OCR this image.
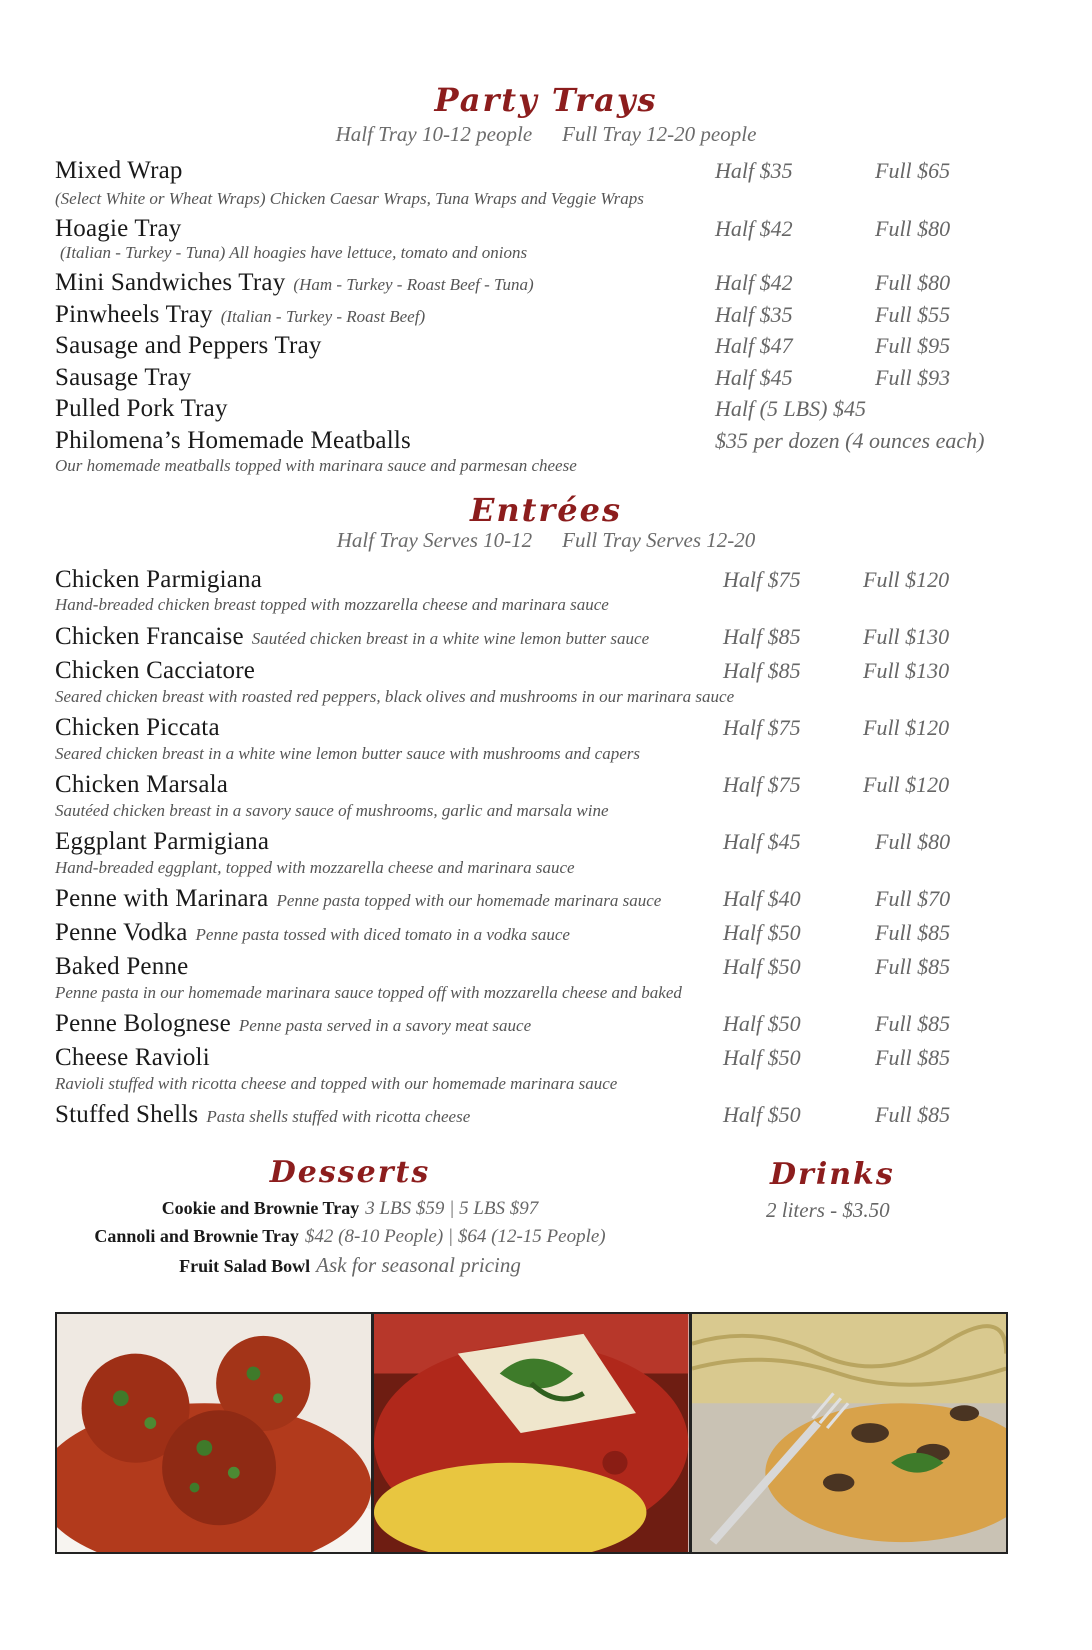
Party Trays

Half Tray 10-12 people Full Tray 12-20 people

Mixed Wrap
(Select White or Wheat Wraps) Chicken Caesar Wraps, Tuna Wraps and Veggie Wraps
Half $35	Full $65
Hoagie Tray
(Italian - Turkey - Tuna) All hoagies have lettuce, tomato and onions
Half $42	Full $80
Mini Sandwiches Tray (Ham - Turkey - Roast Beef - Tuna)	Half $42	Full $80
Pinwheels Tray (Italian - Turkey - Roast Beef)	Half $35	Full $55
Sausage and Peppers Tray	Half $47	Full $95
Sausage Tray	Half $45	Full $93
Pulled Pork Tray	Half (5 LBS) $45
Philomena’s Homemade Meatballs
Our homemade meatballs topped with marinara sauce and parmesan cheese
$35 per dozen (4 ounces each)
Entrées

Half Tray Serves 10-12 Full Tray Serves 12-20

Chicken Parmigiana
Hand-breaded chicken breast topped with mozzarella cheese and marinara sauce
Half $75	Full $120
Chicken Francaise Sautéed chicken breast in a white wine lemon butter sauce	Half $85	Full $130
Chicken Cacciatore
Seared chicken breast with roasted red peppers, black olives and mushrooms in our marinara sauce
Half $85	Full $130
Chicken Piccata
Seared chicken breast in a white wine lemon butter sauce with mushrooms and capers
Half $75	Full $120
Chicken Marsala
Sautéed chicken breast in a savory sauce of mushrooms, garlic and marsala wine
Half $75	Full $120
Eggplant Parmigiana
Hand-breaded eggplant, topped with mozzarella cheese and marinara sauce
Half $45	Full $80
Penne with Marinara Penne pasta topped with our homemade marinara sauce	Half $40	Full $70
Penne Vodka Penne pasta tossed with diced tomato in a vodka sauce	Half $50	Full $85
Baked Penne
Penne pasta in our homemade marinara sauce topped off with mozzarella cheese and baked
Half $50	Full $85
Penne Bolognese Penne pasta served in a savory meat sauce	Half $50	Full $85
Cheese Ravioli
Ravioli stuffed with ricotta cheese and topped with our homemade marinara sauce
Half $50	Full $85
Stuffed Shells Pasta shells stuffed with ricotta cheese	Half $50	Full $85
Desserts
Cookie and Brownie Tray 3 LBS $59 | 5 LBS $97
Cannoli and Brownie Tray $42 (8-10 People) | $64 (12-15 People)
Fruit Salad Bowl Ask for seasonal pricing
Drinks
2 liters - $3.50
